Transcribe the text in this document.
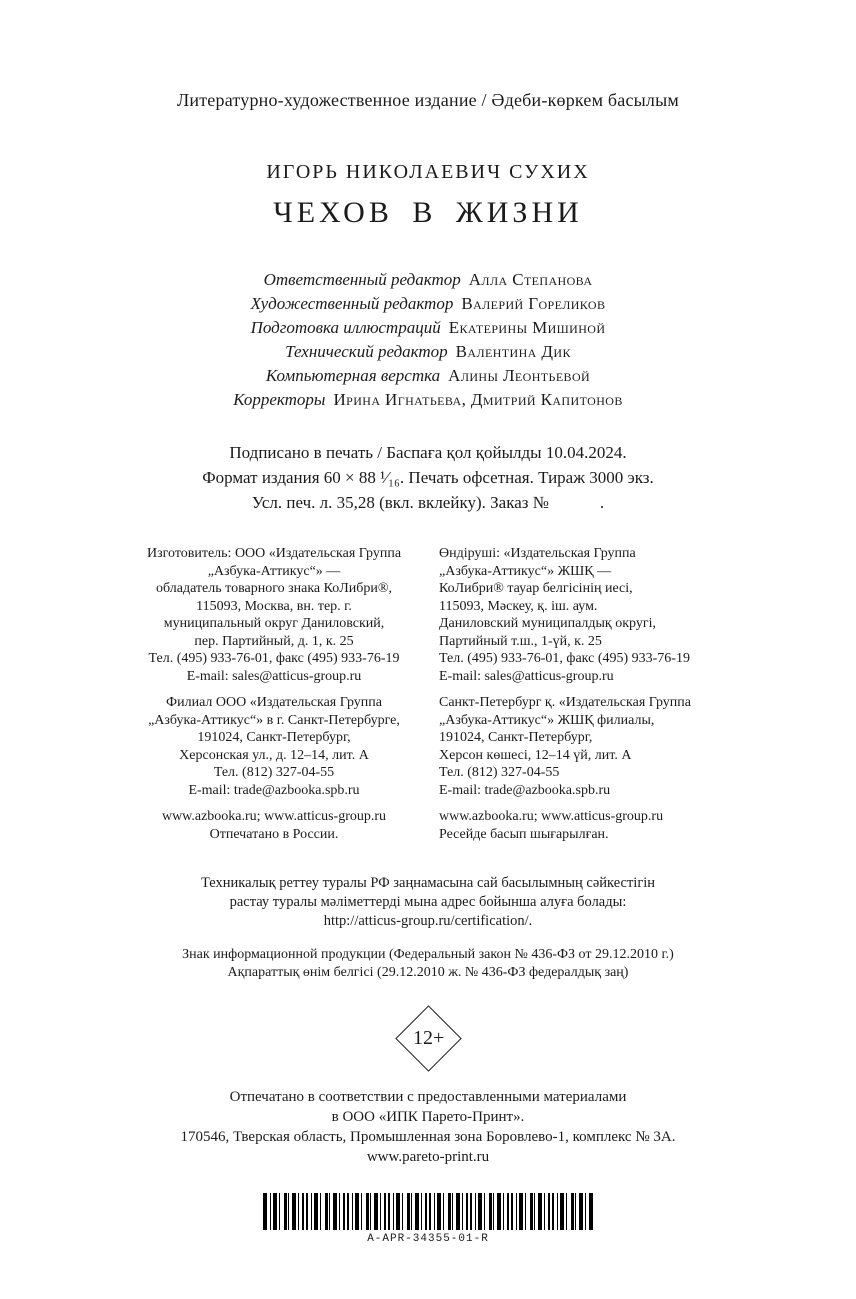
Литературно-художественное издание / Әдеби-көркем басылым
ИГОРЬ НИКОЛАЕВИЧ СУХИХ
ЧЕХОВ В ЖИЗНИ
Ответственный редактор Алла Степанова
Художественный редактор Валерий Гореликов
Подготовка иллюстраций Екатерины Мишиной
Технический редактор Валентина Дик
Компьютерная верстка Алины Леонтьевой
Корректоры Ирина Игнатьева, Дмитрий Капитонов
Подписано в печать / Баспаға қол қойылды 10.04.2024.
Формат издания 60 × 88 ¹⁄₁₆. Печать офсетная. Тираж 3000 экз.
Усл. печ. л. 35,28 (вкл. вклейку). Заказ №            .
Изготовитель: ООО «Издательская Группа
„Азбука-Аттикус“» —
обладатель товарного знака КоЛибри®,
115093, Москва, вн. тер. г.
муниципальный округ Даниловский,
пер. Партийный, д. 1, к. 25
Тел. (495) 933-76-01, факс (495) 933-76-19
E-mail: sales@atticus-group.ru
Филиал ООО «Издательская Группа
„Азбука-Аттикус“» в г. Санкт-Петербурге,
191024, Санкт-Петербург,
Херсонская ул., д. 12–14, лит. А
Тел. (812) 327-04-55
E-mail: trade@azbooka.spb.ru
www.azbooka.ru; www.atticus-group.ru
Отпечатано в России.
Өндіруші: «Издательская Группа
„Азбука-Аттикус“» ЖШҚ —
КоЛибри® тауар белгісінің иесі,
115093, Мәскеу, қ. іш. аум.
Даниловский муниципалдық округі,
Партийный т.ш., 1-үй, к. 25
Тел. (495) 933-76-01, факс (495) 933-76-19
E-mail: sales@atticus-group.ru
Санкт-Петербург қ. «Издательская Группа
„Азбука-Аттикус“» ЖШҚ филиалы,
191024, Санкт-Петербург,
Херсон көшесі, 12–14 үй, лит. А
Тел. (812) 327-04-55
E-mail: trade@azbooka.spb.ru
www.azbooka.ru; www.atticus-group.ru
Ресейде басып шығарылған.
Техникалық реттеу туралы РФ заңнамасына сай басылымның сәйкестігін
растау туралы мәліметтерді мына адрес бойынша алуға болады:
http://atticus-group.ru/certification/.
Знак информационной продукции (Федеральный закон № 436-ФЗ от 29.12.2010 г.)
Ақпараттық өнім белгісі (29.12.2010 ж. № 436-ФЗ федералдық заң)
12+
Отпечатано в соответствии с предоставленными материалами
в ООО «ИПК Парето-Принт».
170546, Тверская область, Промышленная зона Боровлево-1, комплекс № 3А.
www.pareto-print.ru
A-APR-34355-01-R
